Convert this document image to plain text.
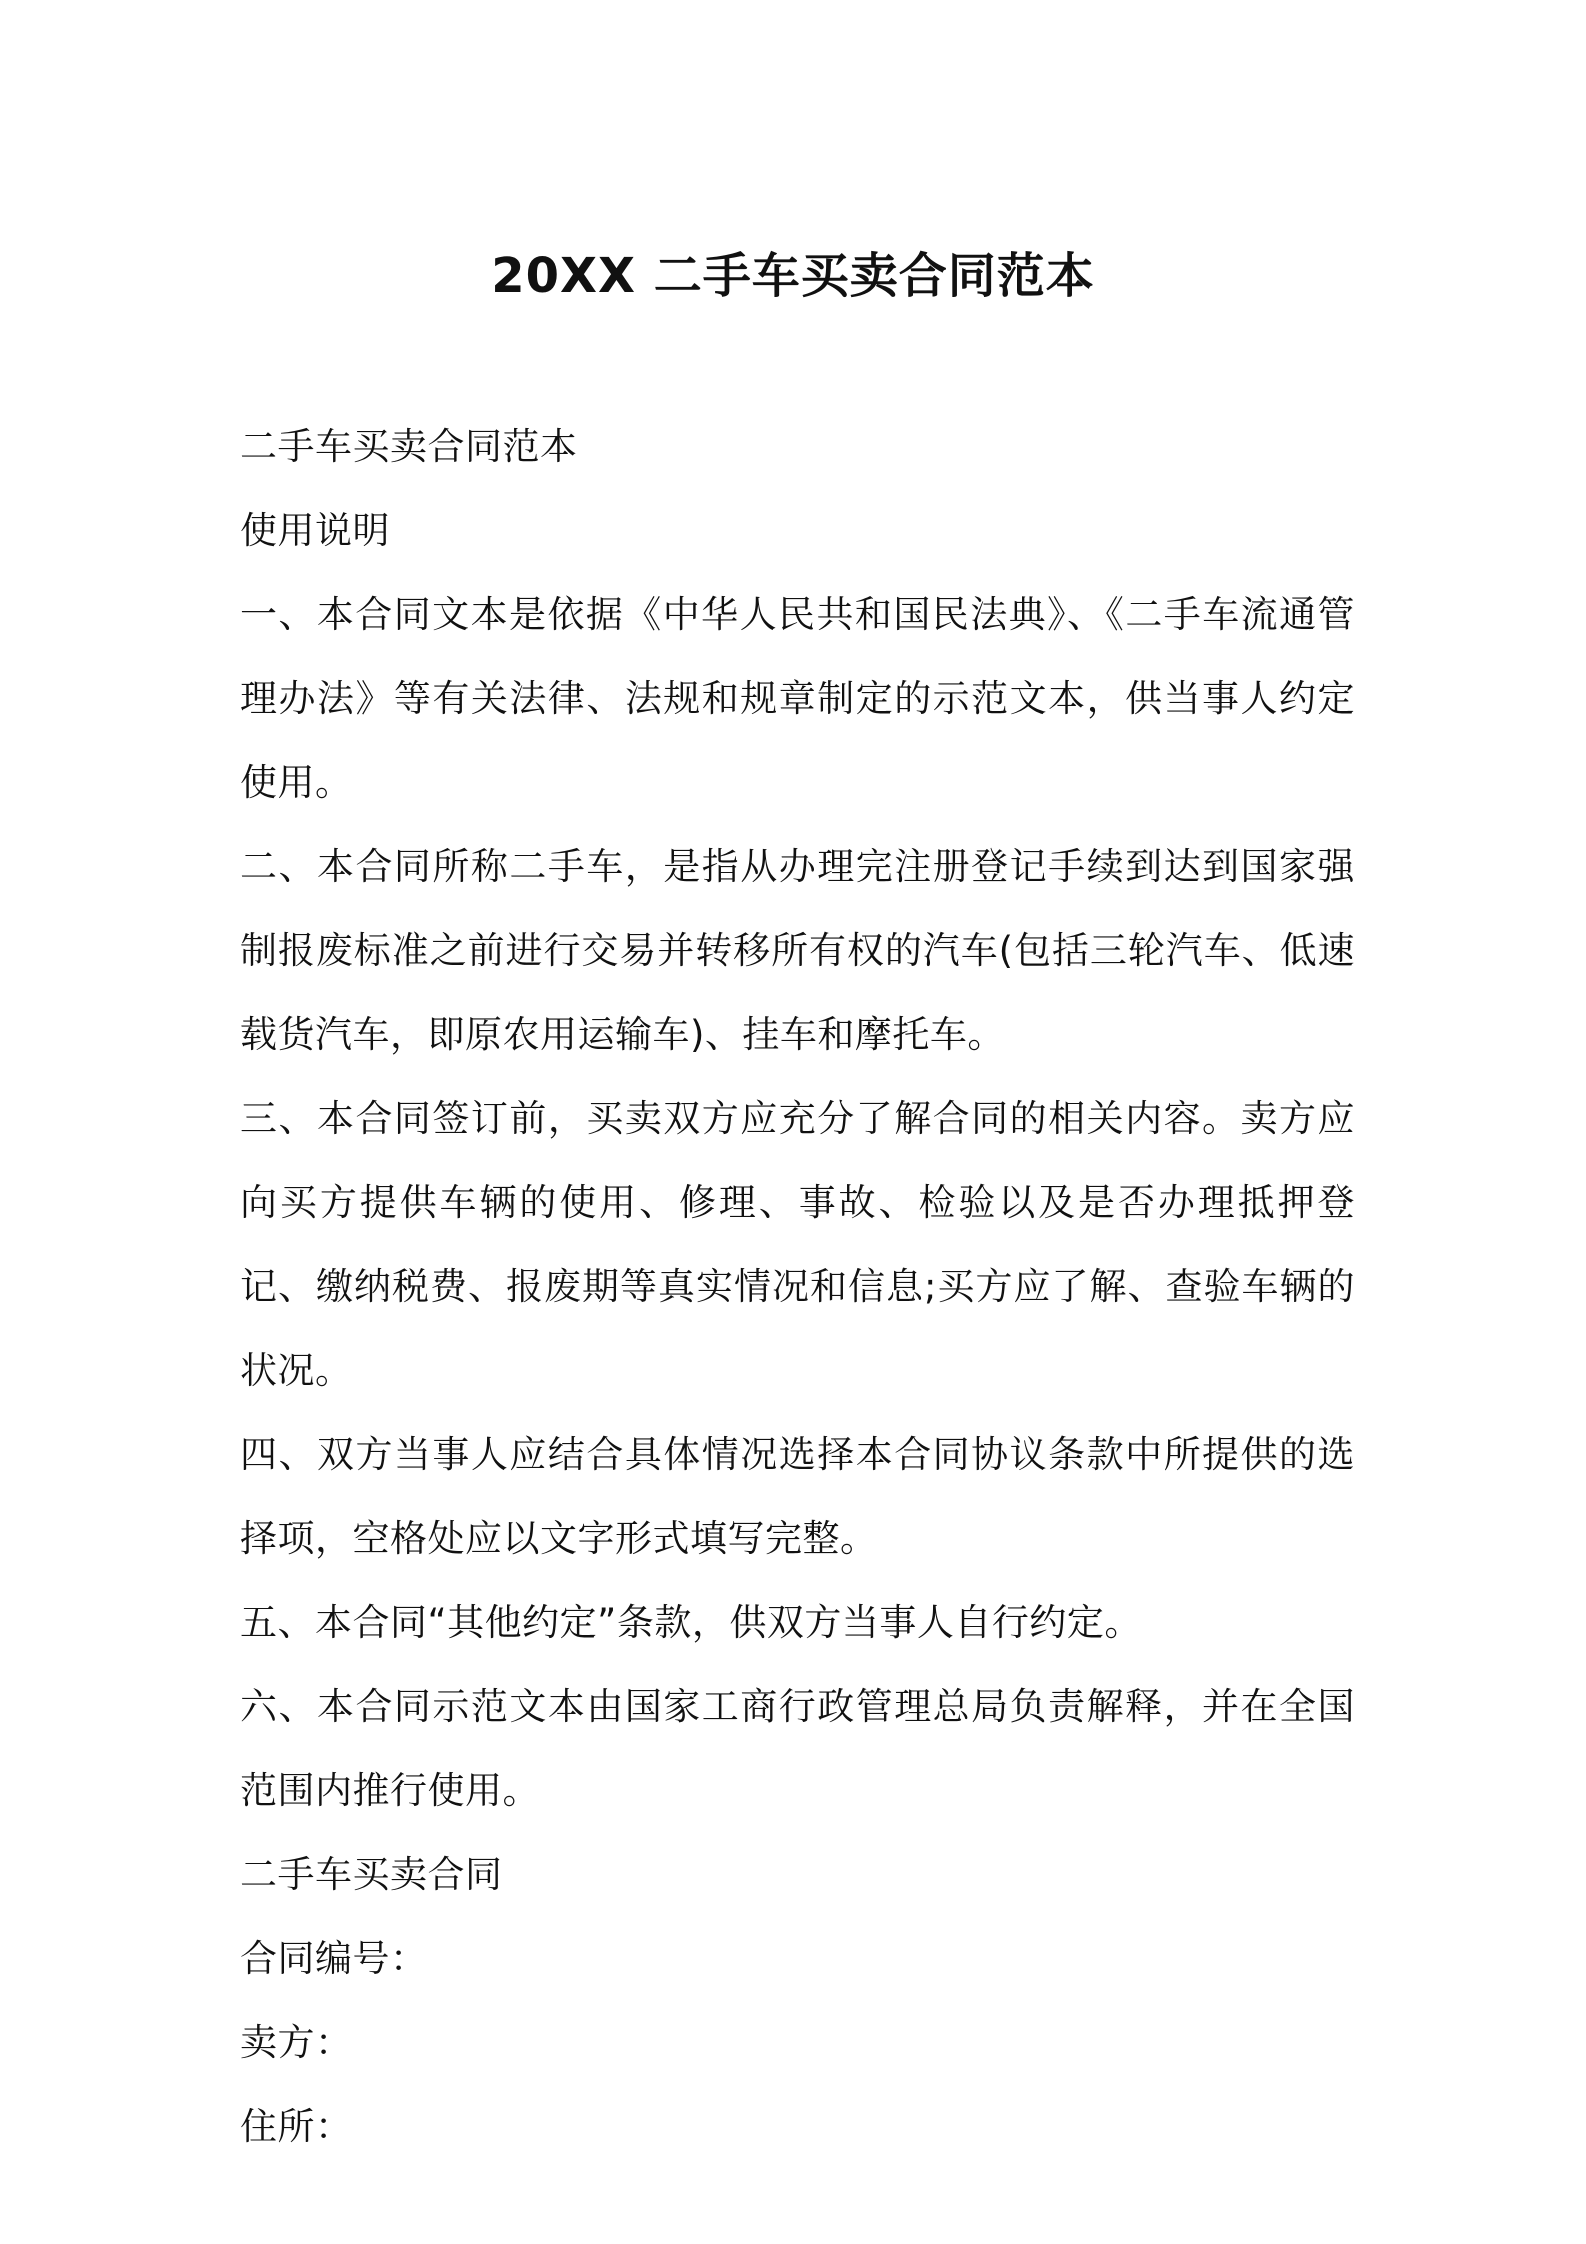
20XX 二手车买卖合同范本

二手车买卖合同范本

使用说明

一、本合同文本是依据《中华人民共和国民法典》、《二手车流通管理办法》等有关法律、法规和规章制定的示范文本，供当事人约定使用。

二、本合同所称二手车，是指从办理完注册登记手续到达到国家强制报废标准之前进行交易并转移所有权的汽车(包括三轮汽车、低速载货汽车，即原农用运输车)、挂车和摩托车。

三、本合同签订前，买卖双方应充分了解合同的相关内容。卖方应向买方提供车辆的使用、修理、事故、检验以及是否办理抵押登记、缴纳税费、报废期等真实情况和信息;买方应了解、查验车辆的状况。

四、双方当事人应结合具体情况选择本合同协议条款中所提供的选择项，空格处应以文字形式填写完整。

五、本合同“其他约定”条款，供双方当事人自行约定。

六、本合同示范文本由国家工商行政管理总局负责解释，并在全国范围内推行使用。

二手车买卖合同

合同编号：

卖方：

住所：
